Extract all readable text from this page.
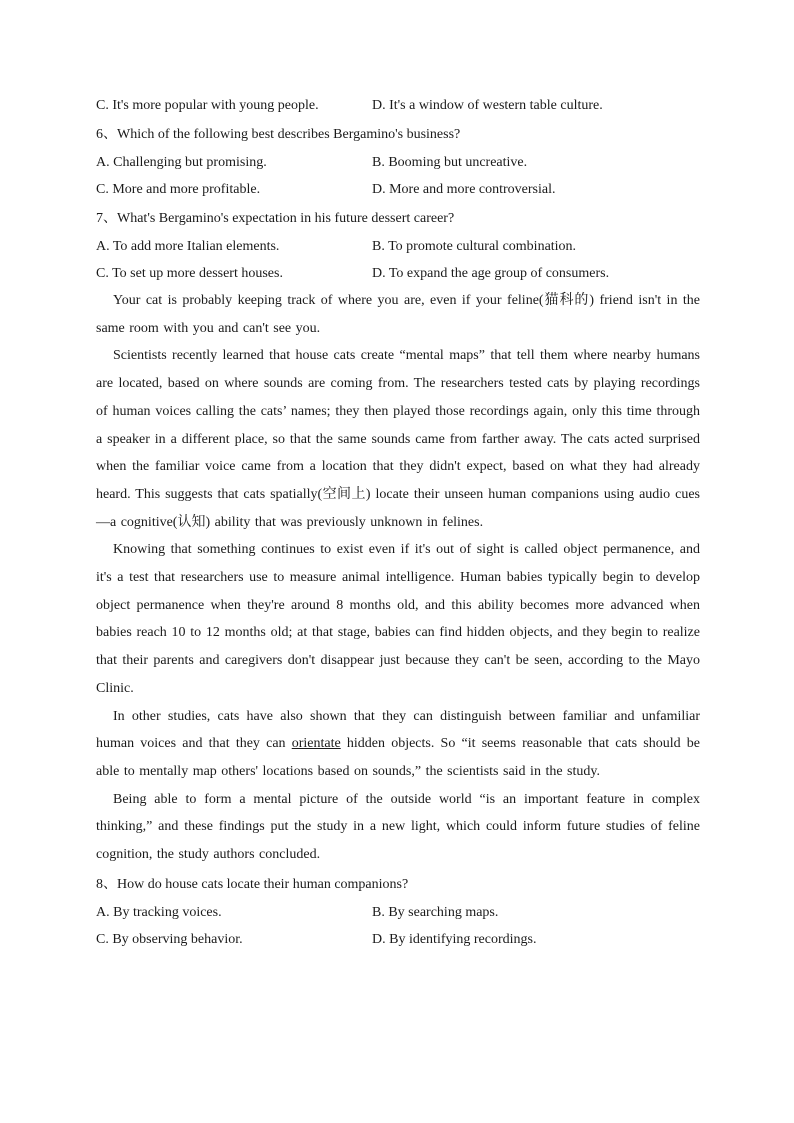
C. It's more popular with young people.	D. It's a window of western table culture.
6、Which of the following best describes Bergamino's business?
A. Challenging but promising.	B. Booming but uncreative.
C. More and more profitable.	D. More and more controversial.
7、What's Bergamino's expectation in his future dessert career?
A. To add more Italian elements.	B. To promote cultural combination.
C. To set up more dessert houses.	D. To expand the age group of consumers.

Your cat is probably keeping track of where you are, even if your feline(猫科的) friend isn't in the same room with you and can't see you.

Scientists recently learned that house cats create “mental maps” that tell them where nearby humans are located, based on where sounds are coming from. The researchers tested cats by playing recordings of human voices calling the cats’ names; they then played those recordings again, only this time through a speaker in a different place, so that the same sounds came from farther away. The cats acted surprised when the familiar voice came from a location that they didn't expect, based on what they had already heard. This suggests that cats spatially(空间上) locate their unseen human companions using audio cues—a cognitive(认知) ability that was previously unknown in felines.

Knowing that something continues to exist even if it's out of sight is called object permanence, and it's a test that researchers use to measure animal intelligence. Human babies typically begin to develop object permanence when they're around 8 months old, and this ability becomes more advanced when babies reach 10 to 12 months old; at that stage, babies can find hidden objects, and they begin to realize that their parents and caregivers don't disappear just because they can't be seen, according to the Mayo Clinic.

In other studies, cats have also shown that they can distinguish between familiar and unfamiliar human voices and that they can orientate hidden objects. So “it seems reasonable that cats should be able to mentally map others' locations based on sounds,” the scientists said in the study.

Being able to form a mental picture of the outside world “is an important feature in complex thinking,” and these findings put the study in a new light, which could inform future studies of feline cognition, the study authors concluded.

8、How do house cats locate their human companions?
A. By tracking voices.	B. By searching maps.
C. By observing behavior.	D. By identifying recordings.
